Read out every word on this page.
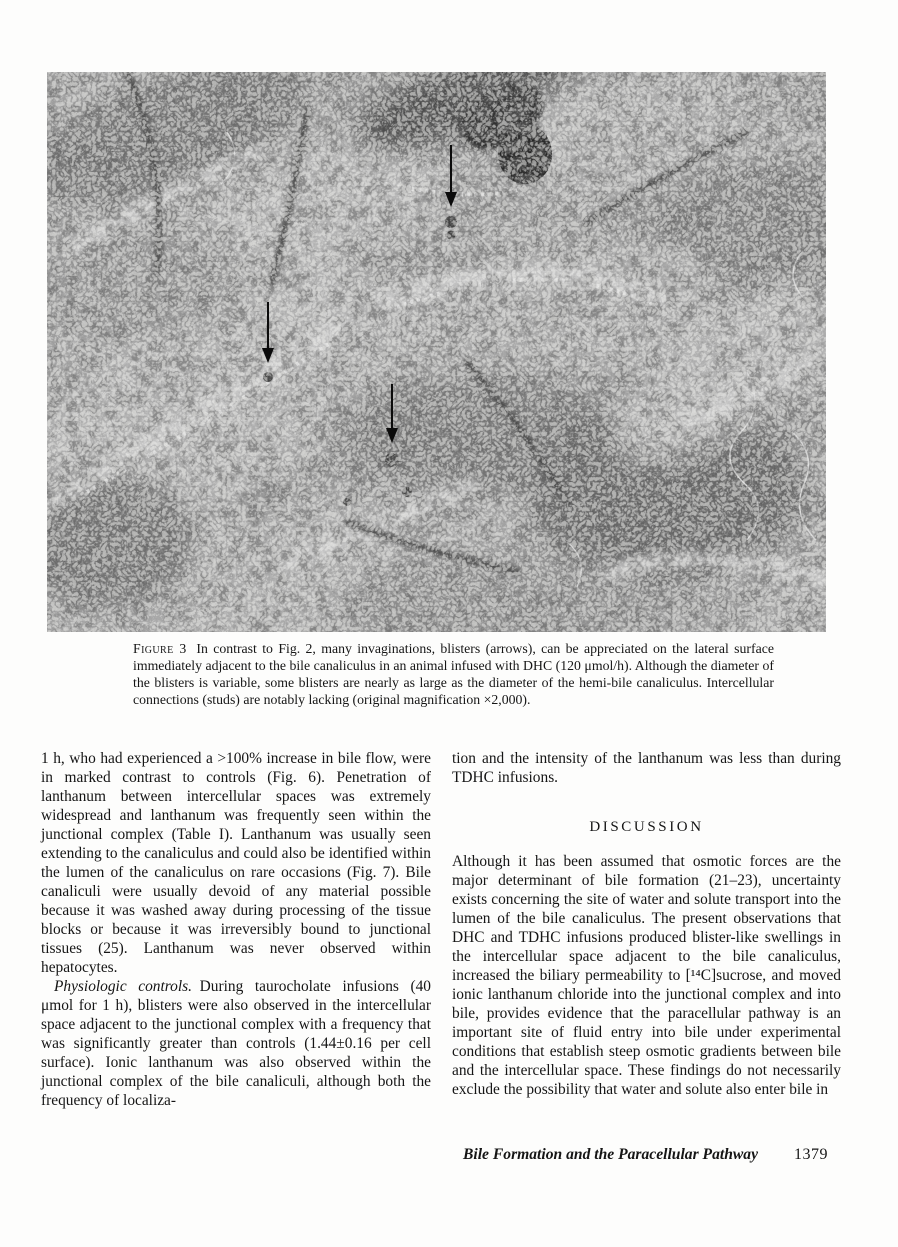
Figure 3 In contrast to Fig. 2, many invaginations, blisters (arrows), can be appreciated on the lateral surface immediately adjacent to the bile canaliculus in an animal infused with DHC (120 μmol/h). Although the diameter of the blisters is variable, some blisters are nearly as large as the diameter of the hemi-bile canaliculus. Intercellular connections (studs) are notably lacking (original magnification ×2,000).

1 h, who had experienced a >100% increase in bile flow, were in marked contrast to controls (Fig. 6). Penetration of lanthanum between intercellular spaces was extremely widespread and lanthanum was frequently seen within the junctional complex (Table I). Lanthanum was usually seen extending to the canaliculus and could also be identified within the lumen of the canaliculus on rare occasions (Fig. 7). Bile canaliculi were usually devoid of any material possible because it was washed away during processing of the tissue blocks or because it was irreversibly bound to junctional tissues (25). Lanthanum was never observed within hepatocytes.

Physiologic controls. During taurocholate infusions (40 μmol for 1 h), blisters were also observed in the intercellular space adjacent to the junctional complex with a frequency that was significantly greater than controls (1.44±0.16 per cell surface). Ionic lanthanum was also observed within the junctional complex of the bile canaliculi, although both the frequency of localiza-

tion and the intensity of the lanthanum was less than during TDHC infusions.

DISCUSSION

Although it has been assumed that osmotic forces are the major determinant of bile formation (21–23), uncertainty exists concerning the site of water and solute transport into the lumen of the bile canaliculus. The present observations that DHC and TDHC infusions produced blister-like swellings in the intercellular space adjacent to the bile canaliculus, increased the biliary permeability to [¹⁴C]sucrose, and moved ionic lanthanum chloride into the junctional complex and into bile, provides evidence that the paracellular pathway is an important site of fluid entry into bile under experimental conditions that establish steep osmotic gradients between bile and the intercellular space. These findings do not necessarily exclude the possibility that water and solute also enter bile in

Bile Formation and the Paracellular Pathway 1379
